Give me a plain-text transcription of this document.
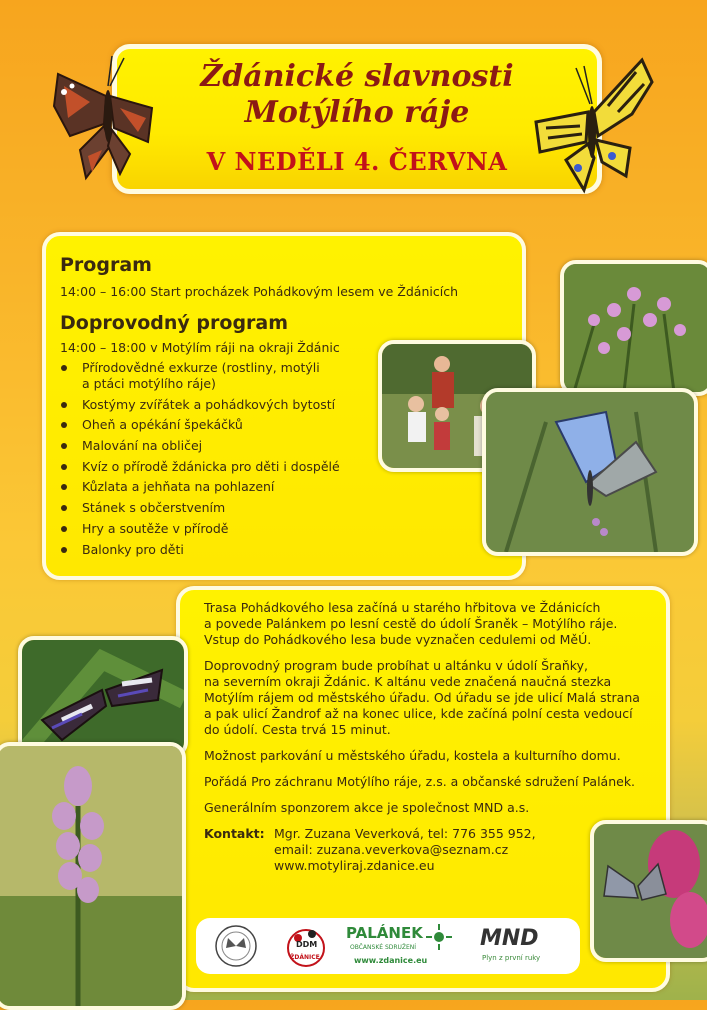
Ždánické slavnosti
Motýlího ráje
V NEDĚLI 4. ČERVNA
Program
14:00 – 16:00 Start procházek Pohádkovým lesem ve Ždánicích
Doprovodný program
14:00 – 18:00 v Motýlím ráji na okraji Ždánic
Přírodovědné exkurze (rostliny, motýli
a ptáci motýlího ráje)
Kostýmy zvířátek a pohádkových bytostí
Oheň a opékání špekáčků
Malování na obličej
Kvíz o přírodě ždánicka pro děti i dospělé
Kůzlata a jehňata na pohlazení
Stánek s občerstvením
Hry a soutěže v přírodě
Balonky pro děti

Trasa Pohádkového lesa začíná u starého hřbitova ve Ždánicích
a povede Palánkem po lesní cestě do údolí Šraněk – Motýlího ráje.
Vstup do Pohádkového lesa bude vyznačen cedulemi od MěÚ.

Doprovodný program bude probíhat u altánku v údolí Šraňky,
na severním okraji Ždánic. K altánu vede značená naučná stezka
Motýlím rájem od městského úřadu. Od úřadu se jde ulicí Malá strana
a pak ulicí Žandrof až na konec ulice, kde začíná polní cesta vedoucí
do údolí. Cesta trvá 15 minut.

Možnost parkování u městského úřadu, kostela a kulturního domu.

Pořádá Pro záchranu Motýlího ráje, z.s. a občanské sdružení Palánek.

Generálním sponzorem akce je společnost MND a.s.

Kontakt: Mgr. Zuzana Veverková, tel: 776 355 952,
email: zuzana.veverkova@seznam.cz
www.motyliraj.zdanice.eu
DDM
ŽDÁNICE
PALÁNEK
OBČANSKÉ SDRUŽENÍ
www.zdanice.eu
MND
Plyn z první ruky
